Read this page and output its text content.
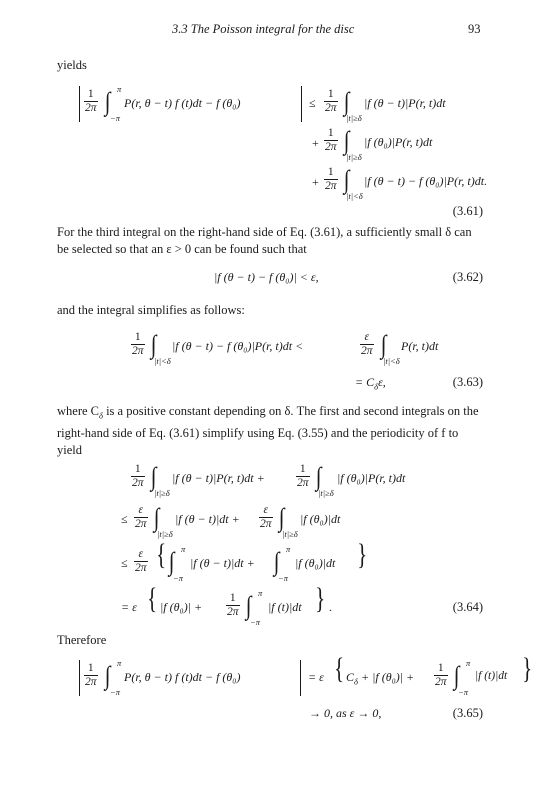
3.3 The Poisson integral for the disc	93
yields
$\frac{1}{2\pi}$ ∫ π
−π
P(r, θ − t) f (t)dt − f (θ₀)	≤ $\frac{1}{2\pi}$ ∫
|t|≥δ
|f (θ − t)|P(r, t)dt
+ $\frac{1}{2\pi}$ ∫
|t|≥δ
|f (θ₀)|P(r, t)dt
+ $\frac{1}{2\pi}$ ∫
|t|<δ
|f (θ − t) − f (θ₀)|P(r, t)dt.
(3.61)
For the third integral on the right-hand side of Eq. (3.61), a sufficiently small δ can
be selected so that an ε > 0 can be found such that
|f (θ − t) − f (θ₀)| < ε,	(3.62)
and the integral simplifies as follows:
$\frac{1}{2\pi}$ ∫
|t|<δ
|f (θ − t) − f (θ₀)|P(r, t)dt <	$\frac{\varepsilon}{2\pi}$ ∫
|t|<δ
P(r, t)dt
= $C_\delta\varepsilon$,	(3.63)
where $C_\delta$ is a positive constant depending on δ. The first and second integrals on the
right-hand side of Eq. (3.61) simplify using Eq. (3.55) and the periodicity of f to
yield
$\frac{1}{2\pi}$ ∫
|t|≥δ
|f (θ − t)|P(r, t)dt +	$\frac{1}{2\pi}$ ∫
|t|≥δ
|f (θ₀)|P(r, t)dt
≤ $\frac{\varepsilon}{2\pi}$ ∫
|t|≥δ
|f $(\theta - t)|dt + \frac{\varepsilon}{2\pi}$ ∫
|t|≥δ
|f (θ₀)|dt
≤ $\frac{\varepsilon}{2\pi}$ { ∫ π
−π
|f (θ − t)|dt + ∫ π
−π
|f (θ₀)|dt }
= ε { |f $(\theta_0)| + \frac{1}{2\pi}$ ∫ π
−π
|f (t)|dt } .	(3.64)
Therefore
$\frac{1}{2\pi}$ ∫ π
−π
P(r, θ − t) f (t)dt − f (θ₀)	= ε { $C_\delta + |f$ $(\theta_0)| + \frac{1}{2\pi}$ ∫ π
−π
|f (t)|dt }
→ 0, as ε → 0,	(3.65)
